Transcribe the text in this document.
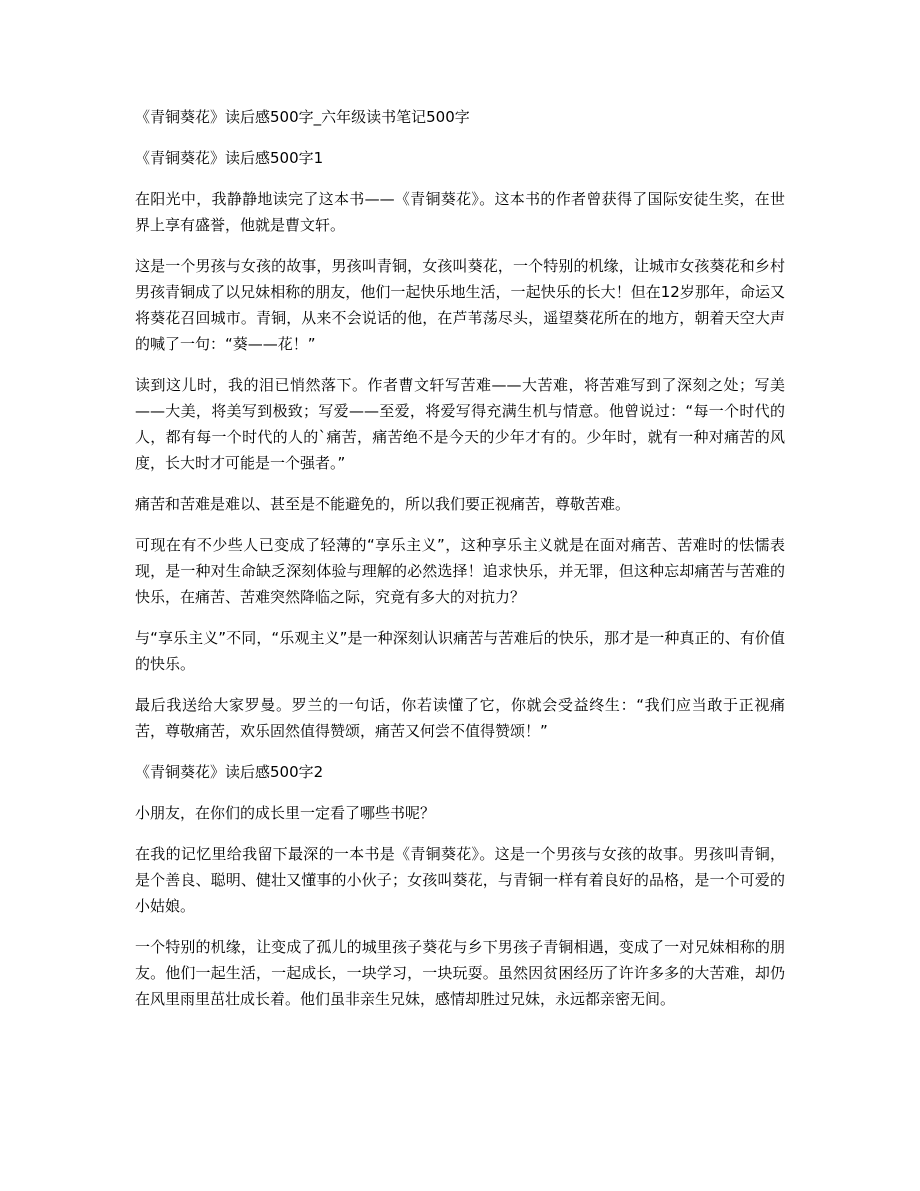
《青铜葵花》读后感500字_六年级读书笔记500字
《青铜葵花》读后感500字1
在阳光中，我静静地读完了这本书——《青铜葵花》。这本书的作者曾获得了国际安徒生奖，在世界上享有盛誉，他就是曹文轩。
这是一个男孩与女孩的故事，男孩叫青铜，女孩叫葵花，一个特别的机缘，让城市女孩葵花和乡村男孩青铜成了以兄妹相称的朋友，他们一起快乐地生活，一起快乐的长大！但在12岁那年，命运又将葵花召回城市。青铜，从来不会说话的他，在芦苇荡尽头，遥望葵花所在的地方，朝着天空大声的喊了一句：“葵——花！”
读到这儿时，我的泪已悄然落下。作者曹文轩写苦难——大苦难，将苦难写到了深刻之处；写美——大美，将美写到极致；写爱——至爱，将爱写得充满生机与情意。他曾说过：“每一个时代的人，都有每一个时代的人的`痛苦，痛苦绝不是今天的少年才有的。少年时，就有一种对痛苦的风度，长大时才可能是一个强者。”
痛苦和苦难是难以、甚至是不能避免的，所以我们要正视痛苦，尊敬苦难。
可现在有不少些人已变成了轻薄的“享乐主义”，这种享乐主义就是在面对痛苦、苦难时的怯懦表现，是一种对生命缺乏深刻体验与理解的必然选择！追求快乐，并无罪，但这种忘却痛苦与苦难的快乐，在痛苦、苦难突然降临之际，究竟有多大的对抗力？
与“享乐主义”不同，“乐观主义”是一种深刻认识痛苦与苦难后的快乐，那才是一种真正的、有价值的快乐。
最后我送给大家罗曼。罗兰的一句话，你若读懂了它，你就会受益终生：“我们应当敢于正视痛苦，尊敬痛苦，欢乐固然值得赞颂，痛苦又何尝不值得赞颂！”
《青铜葵花》读后感500字2
小朋友，在你们的成长里一定看了哪些书呢？
在我的记忆里给我留下最深的一本书是《青铜葵花》。这是一个男孩与女孩的故事。男孩叫青铜，是个善良、聪明、健壮又懂事的小伙子；女孩叫葵花，与青铜一样有着良好的品格，是一个可爱的小姑娘。
一个特别的机缘，让变成了孤儿的城里孩子葵花与乡下男孩子青铜相遇，变成了一对兄妹相称的朋友。他们一起生活，一起成长，一块学习，一块玩耍。虽然因贫困经历了许许多多的大苦难，却仍在风里雨里茁壮成长着。他们虽非亲生兄妹，感情却胜过兄妹，永远都亲密无间。
